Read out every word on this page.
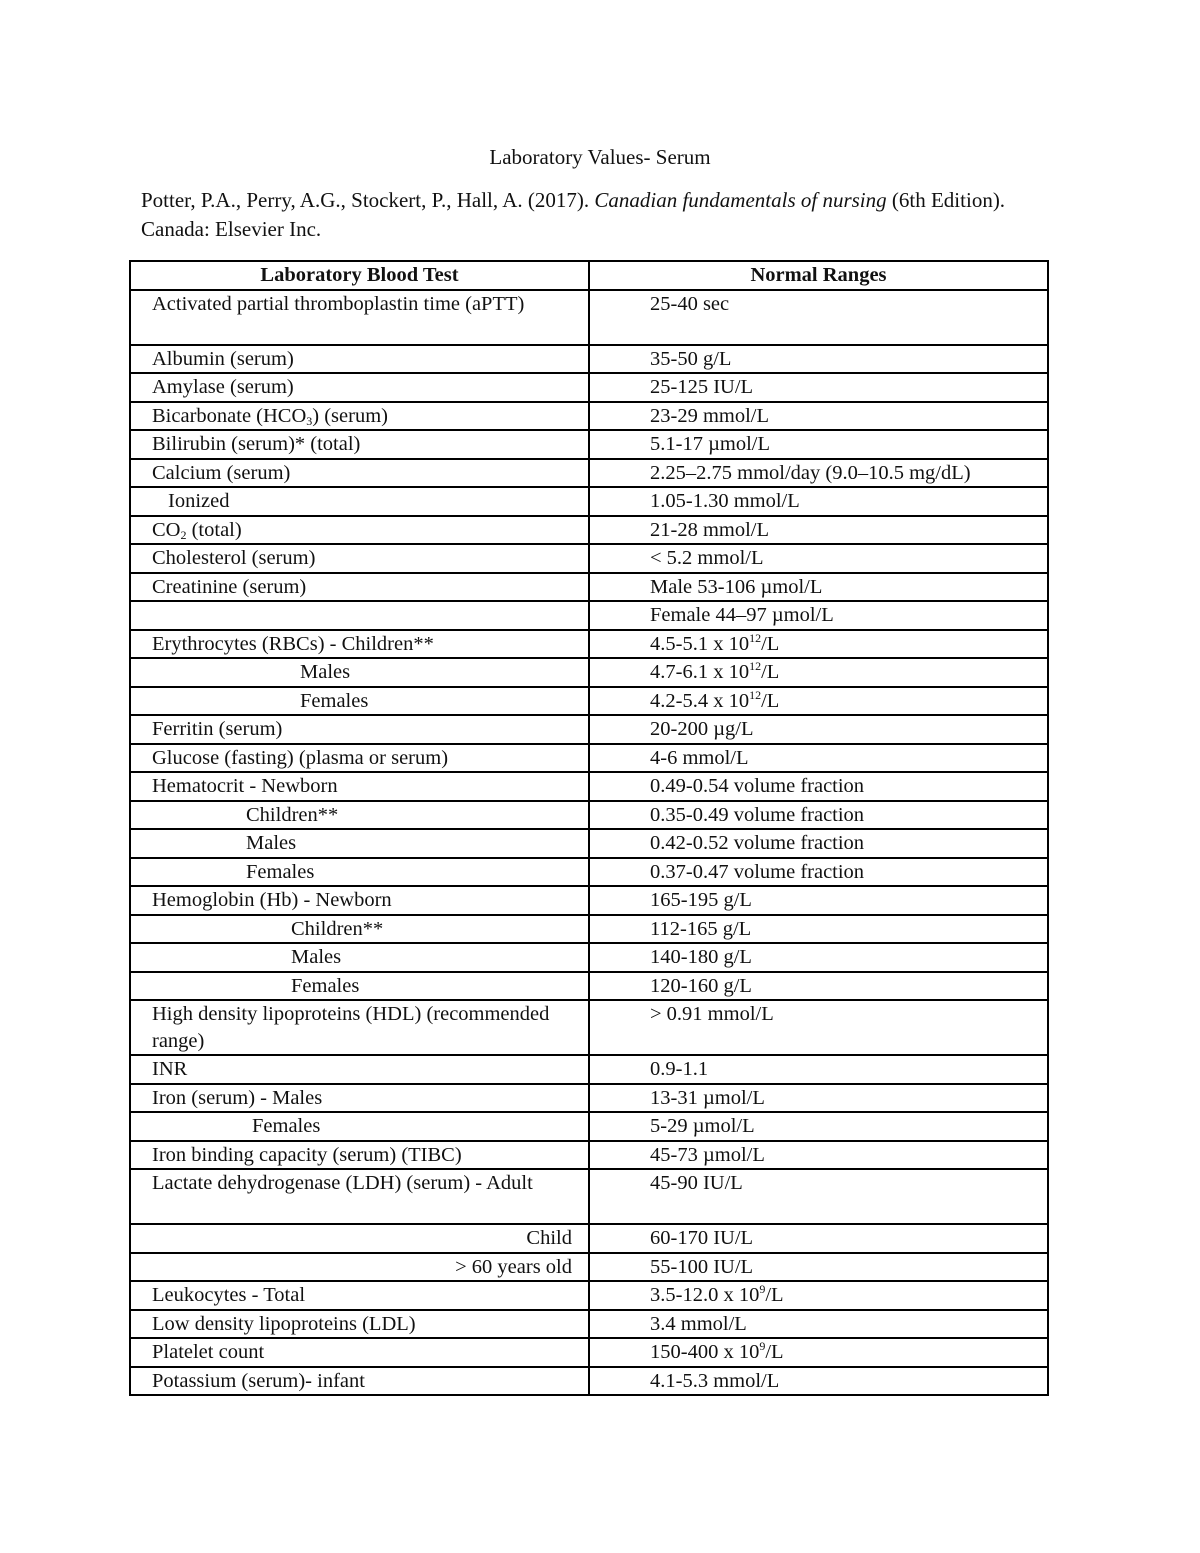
Laboratory Values- Serum
Potter, P.A., Perry, A.G., Stockert, P., Hall, A. (2017). Canadian fundamentals of nursing (6th Edition). Canada: Elsevier Inc.
Laboratory Blood Test	Normal Ranges
Activated partial thromboplastin time (aPTT)	25-40 sec
Albumin (serum)	35-50 g/L
Amylase (serum)	25-125 IU/L
Bicarbonate $(HCO_3)$ (serum)	23-29 mmol/L
Bilirubin (serum)* (total)	5.1-17 µmol/L
Calcium (serum)	2.25–2.75 mmol/day (9.0–10.5 mg/dL)
Ionized	1.05-1.30 mmol/L
$CO_2$ (total)	21-28 mmol/L
Cholesterol (serum)	< 5.2 mmol/L
Creatinine (serum)	Male 53-106 µmol/L
	Female 44–97 µmol/L
Erythrocytes (RBCs) - Children**	4.5-5.1 x $10^{12}/L$
Males	4.7-6.1 x $10^{12}/L$
Females	4.2-5.4 x $10^{12}/L$
Ferritin (serum)	20-200 µg/L
Glucose (fasting) (plasma or serum)	4-6 mmol/L
Hematocrit - Newborn	0.49-0.54 volume fraction
Children**	0.35-0.49 volume fraction
Males	0.42-0.52 volume fraction
Females	0.37-0.47 volume fraction
Hemoglobin (Hb) - Newborn	165-195 g/L
Children**	112-165 g/L
Males	140-180 g/L
Females	120-160 g/L
High density lipoproteins (HDL) (recommended range)	> 0.91 mmol/L
INR	0.9-1.1
Iron (serum) - Males	13-31 µmol/L
Females	5-29 µmol/L
Iron binding capacity (serum) (TIBC)	45-73 µmol/L
Lactate dehydrogenase (LDH) (serum) - Adult	45-90 IU/L
Child	60-170 IU/L
> 60 years old	55-100 IU/L
Leukocytes - Total	3.5-12.0 x $10^9/L$
Low density lipoproteins (LDL)	3.4 mmol/L
Platelet count	150-400 x $10^9/L$
Potassium (serum)- infant	4.1-5.3 mmol/L
